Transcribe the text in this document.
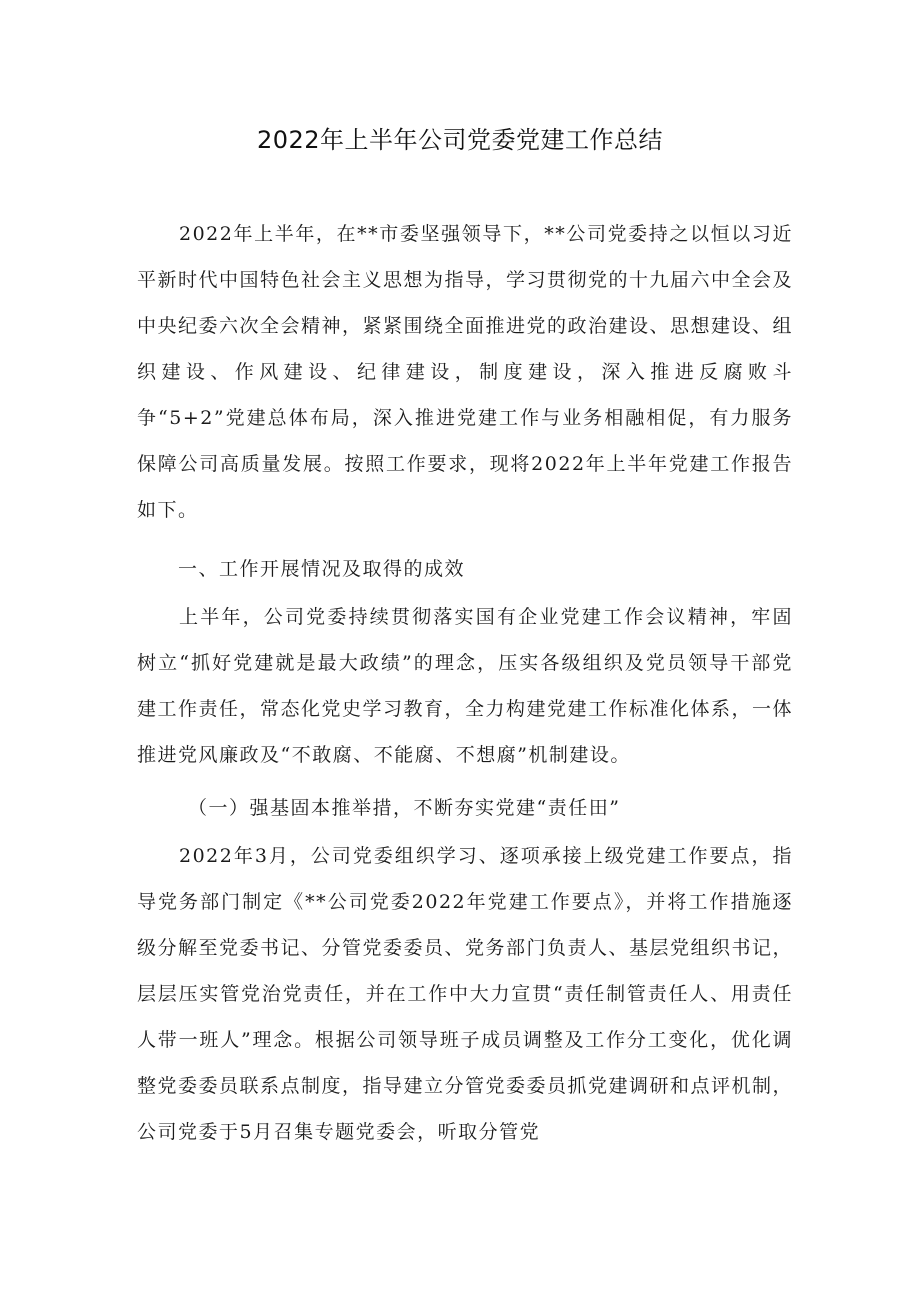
2022年上半年公司党委党建工作总结

2022年上半年，在**市委坚强领导下，**公司党委持之以恒以习近平新时代中国特色社会主义思想为指导，学习贯彻党的十九届六中全会及中央纪委六次全会精神，紧紧围绕全面推进党的政治建设、思想建设、组织建设、作风建设、纪律建设，制度建设，深入推进反腐败斗争“5+2”党建总体布局，深入推进党建工作与业务相融相促，有力服务保障公司高质量发展。按照工作要求，现将2022年上半年党建工作报告如下。

一、工作开展情况及取得的成效

上半年，公司党委持续贯彻落实国有企业党建工作会议精神，牢固树立“抓好党建就是最大政绩”的理念，压实各级组织及党员领导干部党建工作责任，常态化党史学习教育，全力构建党建工作标准化体系，一体推进党风廉政及“不敢腐、不能腐、不想腐”机制建设。

（一）强基固本推举措，不断夯实党建“责任田”

2022年3月，公司党委组织学习、逐项承接上级党建工作要点，指导党务部门制定《**公司党委2022年党建工作要点》，并将工作措施逐级分解至党委书记、分管党委委员、党务部门负责人、基层党组织书记，层层压实管党治党责任，并在工作中大力宣贯“责任制管责任人、用责任人带一班人”理念。根据公司领导班子成员调整及工作分工变化，优化调整党委委员联系点制度，指导建立分管党委委员抓党建调研和点评机制，公司党委于5月召集专题党委会，听取分管党
